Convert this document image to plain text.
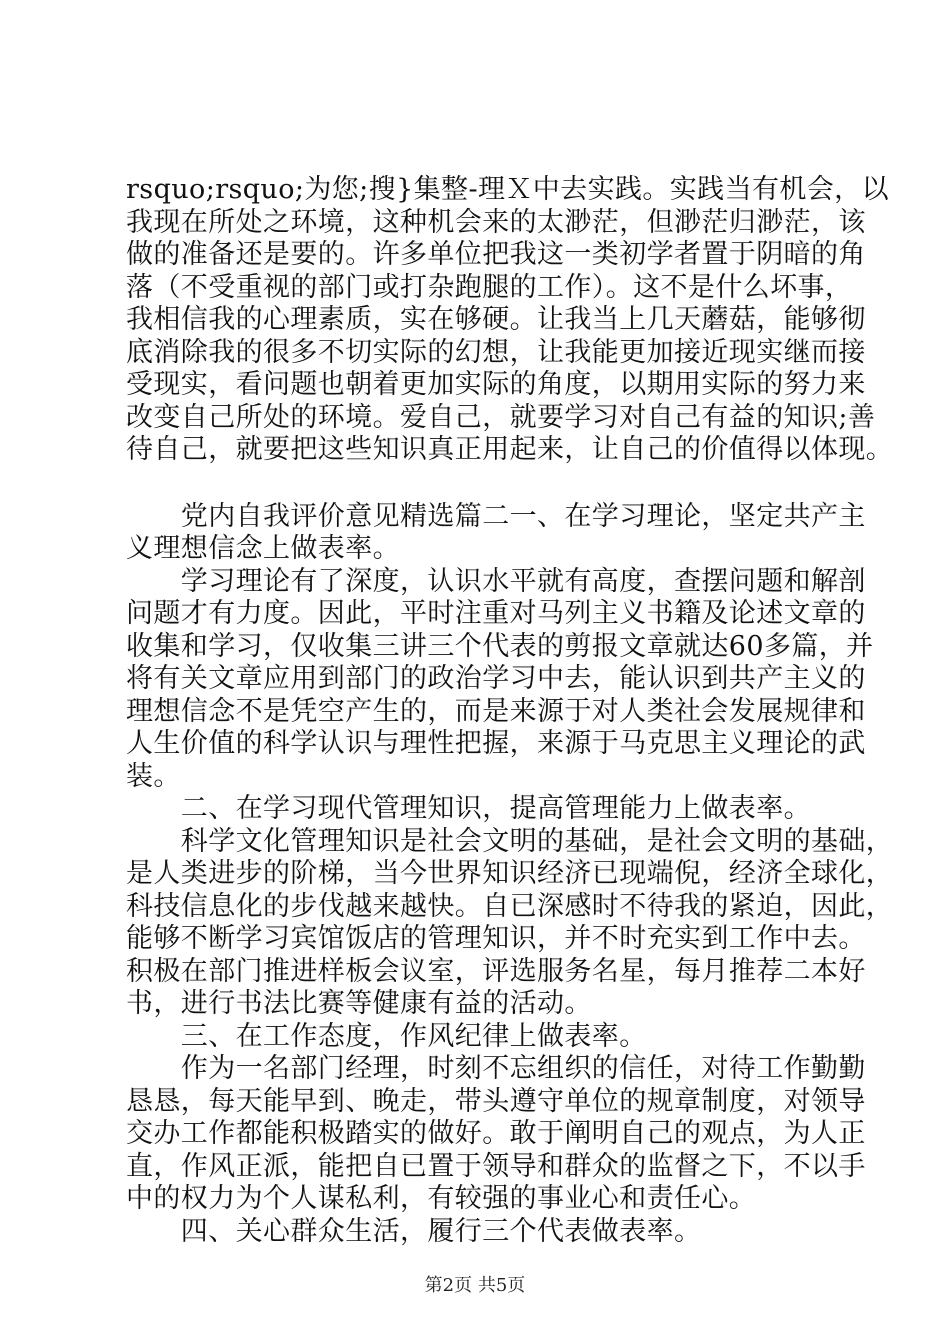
rsquo;rsquo;为您;搜}集整-理Ｘ中去实践。实践当有机会，以
我现在所处之环境，这种机会来的太渺茫，但渺茫归渺茫，该
做的准备还是要的。许多单位把我这一类初学者置于阴暗的角
落（不受重视的部门或打杂跑腿的工作）。这不是什么坏事，
我相信我的心理素质，实在够硬。让我当上几天蘑菇，能够彻
底消除我的很多不切实际的幻想，让我能更加接近现实继而接
受现实，看问题也朝着更加实际的角度，以期用实际的努力来
改变自己所处的环境。爱自己，就要学习对自己有益的知识;善
待自己，就要把这些知识真正用起来，让自己的价值得以体现。
　　党内自我评价意见精选篇二一、在学习理论，坚定共产主
义理想信念上做表率。
　　学习理论有了深度，认识水平就有高度，查摆问题和解剖
问题才有力度。因此，平时注重对马列主义书籍及论述文章的
收集和学习，仅收集三讲三个代表的剪报文章就达60多篇，并
将有关文章应用到部门的政治学习中去，能认识到共产主义的
理想信念不是凭空产生的，而是来源于对人类社会发展规律和
人生价值的科学认识与理性把握，来源于马克思主义理论的武
装。
　　二、在学习现代管理知识，提高管理能力上做表率。
　　科学文化管理知识是社会文明的基础，是社会文明的基础，
是人类进步的阶梯，当今世界知识经济已现端倪，经济全球化，
科技信息化的步伐越来越快。自已深感时不待我的紧迫，因此，
能够不断学习宾馆饭店的管理知识，并不时充实到工作中去。
积极在部门推进样板会议室，评选服务名星，每月推荐二本好
书，进行书法比赛等健康有益的活动。
　　三、在工作态度，作风纪律上做表率。
　　作为一名部门经理，时刻不忘组织的信任，对待工作勤勤
恳恳，每天能早到、晚走，带头遵守单位的规章制度，对领导
交办工作都能积极踏实的做好。敢于阐明自己的观点，为人正
直，作风正派，能把自已置于领导和群众的监督之下，不以手
中的权力为个人谋私利，有较强的事业心和责任心。
　　四、关心群众生活，履行三个代表做表率。
第2页 共5页
